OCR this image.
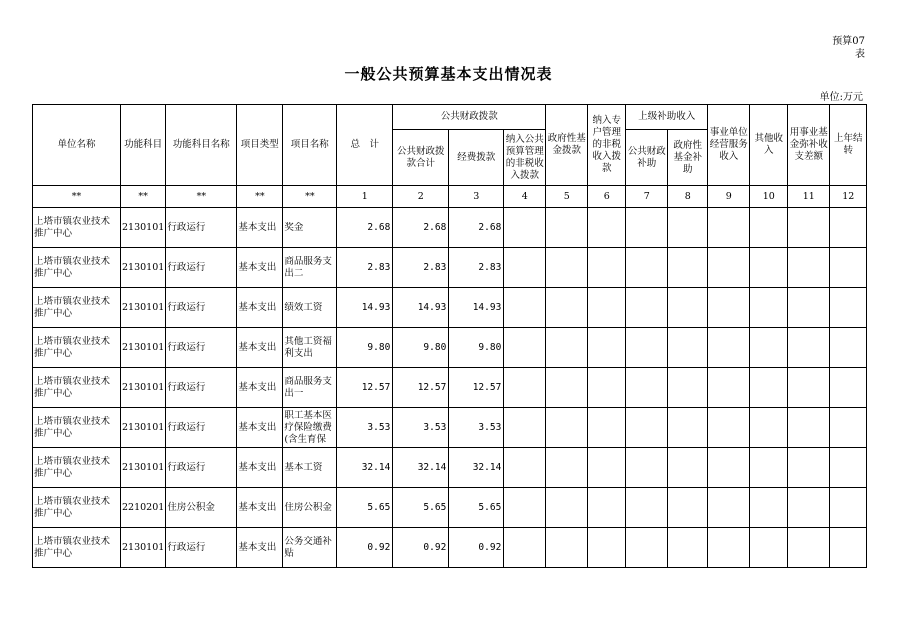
预算07
表
一般公共预算基本支出情况表
单位:万元
单位名称	功能科目	功能科目名称	项目类型	项目名称	总　计	公共财政拨款			政府性基金拨款	纳入专户管理的非税收入拨款	上级补助收入		事业单位经营服务收入	其他收入	用事业基金弥补收支差额	上年结转
						公共财政拨款合计	经费拨款	纳入公共预算管理的非税收入拨款			公共财政补助	政府性基金补助				
**	**	**	**	**	1	2	3	4	5	6	7	8	9	10	11	12

上塔市镇农业技术推广中心	2130101	行政运行	基本支出	奖金	2.68	2.68	2.68									

上塔市镇农业技术推广中心	2130101	行政运行	基本支出	商品服务支出二	2.83	2.83	2.83									

上塔市镇农业技术推广中心	2130101	行政运行	基本支出	绩效工资	14.93	14.93	14.93									

上塔市镇农业技术推广中心	2130101	行政运行	基本支出	其他工资福利支出	9.80	9.80	9.80									

上塔市镇农业技术推广中心	2130101	行政运行	基本支出	商品服务支出一	12.57	12.57	12.57									

上塔市镇农业技术推广中心	2130101	行政运行	基本支出	职工基本医疗保险缴费(含生育保	3.53	3.53	3.53									

上塔市镇农业技术推广中心	2130101	行政运行	基本支出	基本工资	32.14	32.14	32.14									

上塔市镇农业技术推广中心	2210201	住房公积金	基本支出	住房公积金	5.65	5.65	5.65									

上塔市镇农业技术推广中心	2130101	行政运行	基本支出	公务交通补贴	0.92	0.92	0.92									
